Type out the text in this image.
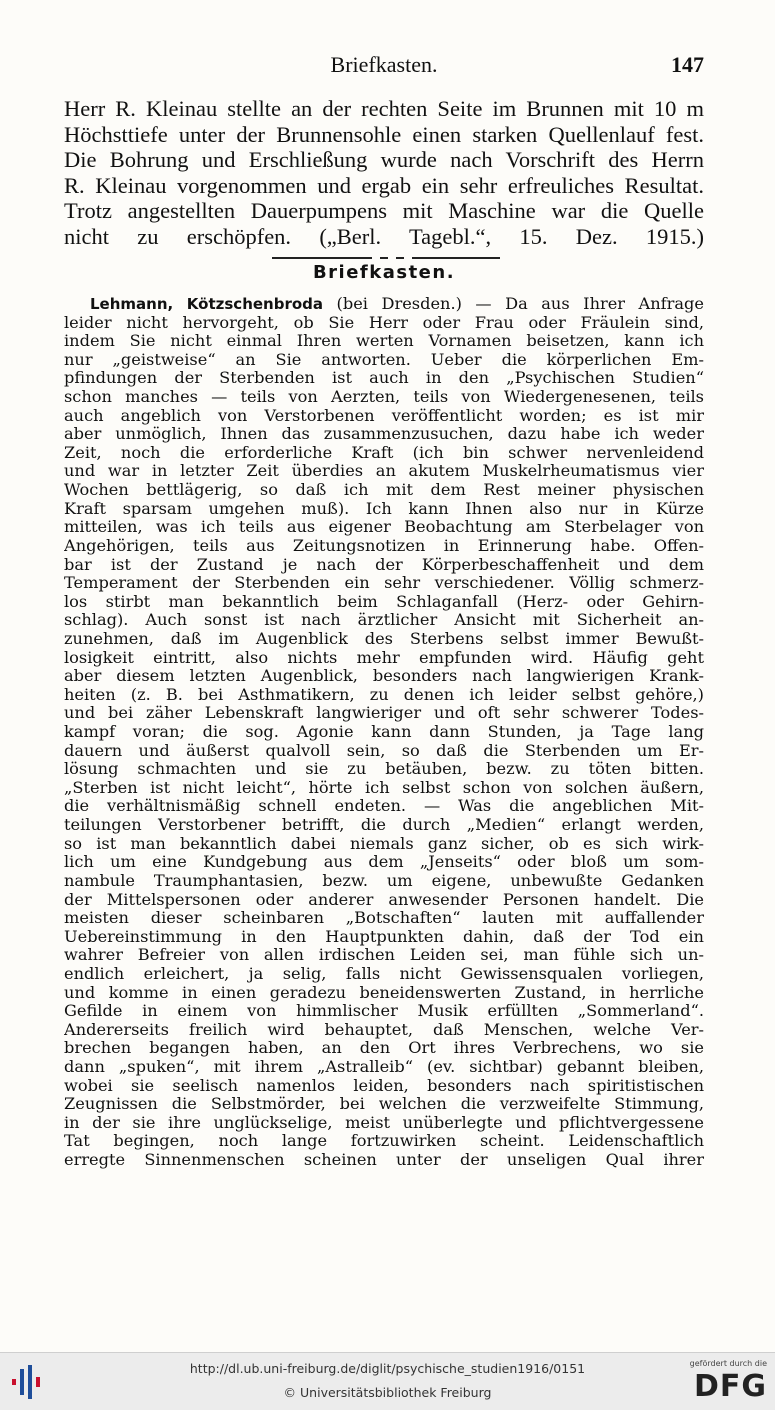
Briefkasten.	147
Herr R. Kleinau stellte an der rechten Seite im Brunnen mit 10 m
Höchsttiefe unter der Brunnensohle einen starken Quellenlauf fest.
Die Bohrung und Erschließung wurde nach Vorschrift des Herrn
R. Kleinau vorgenommen und ergab ein sehr erfreuliches Resultat.
Trotz angestellten Dauerpumpens mit Maschine war die Quelle
nicht zu erschöpfen. („Berl. Tagebl.“, 15. Dez. 1915.)
Briefkasten.
Lehmann, Kötzschenbroda (bei Dresden.) — Da aus Ihrer Anfrage
leider nicht hervorgeht, ob Sie Herr oder Frau oder Fräulein sind,
indem Sie nicht einmal Ihren werten Vornamen beisetzen, kann ich
nur „geistweise“ an Sie antworten. Ueber die körperlichen Em-
pfindungen der Sterbenden ist auch in den „Psychischen Studien“
schon manches — teils von Aerzten, teils von Wiedergenesenen, teils
auch angeblich von Verstorbenen veröffentlicht worden; es ist mir
aber unmöglich, Ihnen das zusammenzusuchen, dazu habe ich weder
Zeit, noch die erforderliche Kraft (ich bin schwer nervenleidend
und war in letzter Zeit überdies an akutem Muskelrheumatismus vier
Wochen bettlägerig, so daß ich mit dem Rest meiner physischen
Kraft sparsam umgehen muß). Ich kann Ihnen also nur in Kürze
mitteilen, was ich teils aus eigener Beobachtung am Sterbelager von
Angehörigen, teils aus Zeitungsnotizen in Erinnerung habe. Offen-
bar ist der Zustand je nach der Körperbeschaffenheit und dem
Temperament der Sterbenden ein sehr verschiedener. Völlig schmerz-
los stirbt man bekanntlich beim Schlaganfall (Herz- oder Gehirn-
schlag). Auch sonst ist nach ärztlicher Ansicht mit Sicherheit an-
zunehmen, daß im Augenblick des Sterbens selbst immer Bewußt-
losigkeit eintritt, also nichts mehr empfunden wird. Häufig geht
aber diesem letzten Augenblick, besonders nach langwierigen Krank-
heiten (z. B. bei Asthmatikern, zu denen ich leider selbst gehöre,)
und bei zäher Lebenskraft langwieriger und oft sehr schwerer Todes-
kampf voran; die sog. Agonie kann dann Stunden, ja Tage lang
dauern und äußerst qualvoll sein, so daß die Sterbenden um Er-
lösung schmachten und sie zu betäuben, bezw. zu töten bitten.
„Sterben ist nicht leicht“, hörte ich selbst schon von solchen äußern,
die verhältnismäßig schnell endeten. — Was die angeblichen Mit-
teilungen Verstorbener betrifft, die durch „Medien“ erlangt werden,
so ist man bekanntlich dabei niemals ganz sicher, ob es sich wirk-
lich um eine Kundgebung aus dem „Jenseits“ oder bloß um som-
nambule Traumphantasien, bezw. um eigene, unbewußte Gedanken
der Mittelspersonen oder anderer anwesender Personen handelt. Die
meisten dieser scheinbaren „Botschaften“ lauten mit auffallender
Uebereinstimmung in den Hauptpunkten dahin, daß der Tod ein
wahrer Befreier von allen irdischen Leiden sei, man fühle sich un-
endlich erleichert, ja selig, falls nicht Gewissensqualen vorliegen,
und komme in einen geradezu beneidenswerten Zustand, in herrliche
Gefilde in einem von himmlischer Musik erfüllten „Sommerland“.
Andererseits freilich wird behauptet, daß Menschen, welche Ver-
brechen begangen haben, an den Ort ihres Verbrechens, wo sie
dann „spuken“, mit ihrem „Astralleib“ (ev. sichtbar) gebannt bleiben,
wobei sie seelisch namenlos leiden, besonders nach spiritistischen
Zeugnissen die Selbstmörder, bei welchen die verzweifelte Stimmung,
in der sie ihre unglückselige, meist unüberlegte und pflichtvergessene
Tat begingen, noch lange fortzuwirken scheint. Leidenschaftlich
erregte Sinnenmenschen scheinen unter der unseligen Qual ihrer
http://dl.ub.uni-freiburg.de/diglit/psychische_studien1916/0151
© Universitätsbibliothek Freiburg
gefördert durch die
DFG
